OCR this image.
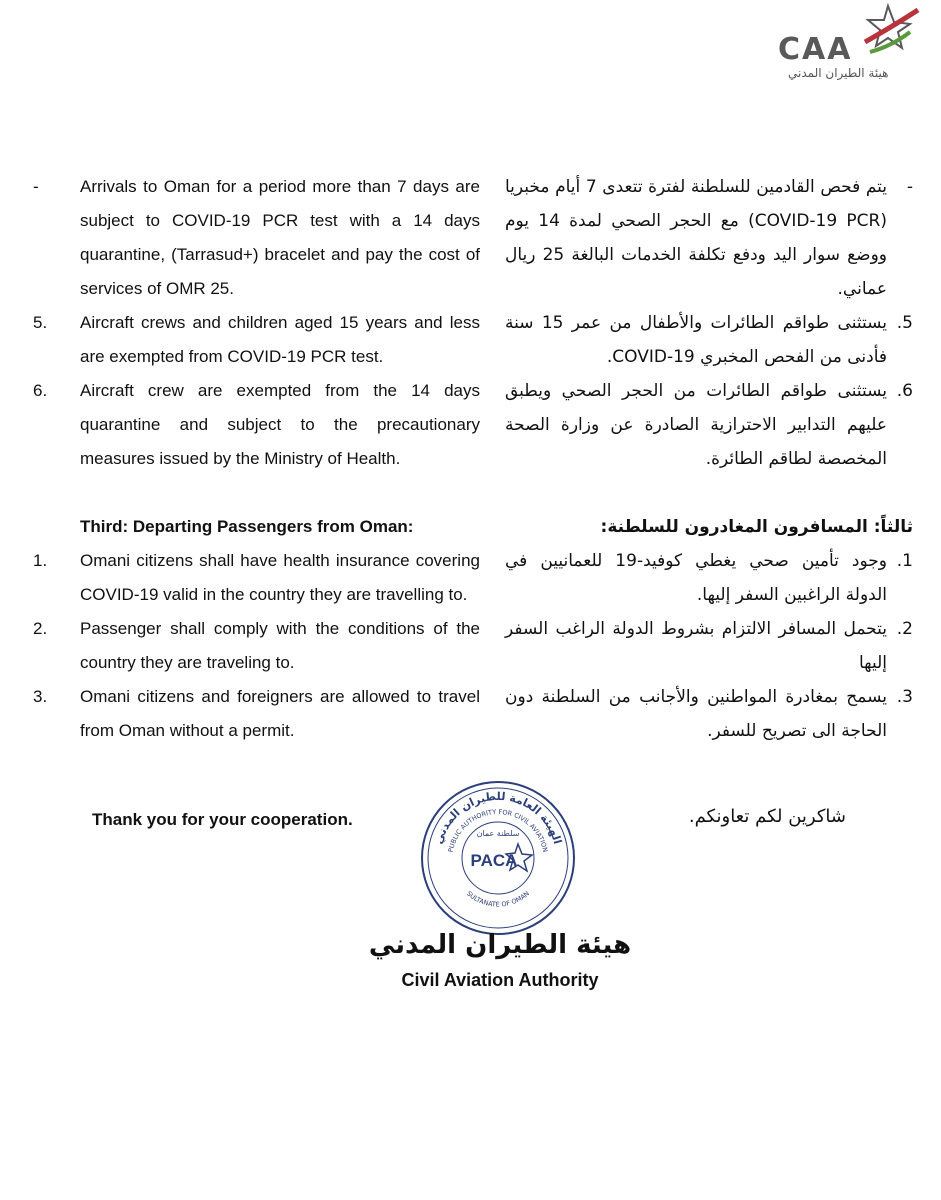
CAA
هيئة الطيران المدني
-	Arrivals to Oman for a period more than 7 days are subject to COVID-19 PCR test with a 14 days quarantine, (Tarrasud+) bracelet and pay the cost of services of OMR 25.
5.	Aircraft crews and children aged 15 years and less are exempted from COVID-19 PCR test.
6.	Aircraft crew are exempted from the 14 days quarantine and subject to the precautionary measures issued by the Ministry of Health.
Third: Departing Passengers from Oman:
1.	Omani citizens shall have health insurance covering COVID-19 valid in the country they are travelling to.
2.	Passenger shall comply with the conditions of the country they are traveling to.
3.	Omani citizens and foreigners are allowed to travel from Oman without a permit.
-
يتم فحص القادمين للسلطنة لفترة تتعدى 7 أيام مخبريا (COVID-19 PCR) مع الحجر الصحي لمدة 14 يوم ووضع سوار اليد ودفع تكلفة الخدمات البالغة 25 ريال عماني.
5.
يستثنى طواقم الطائرات والأطفال من عمر 15 سنة فأدنى من الفحص المخبري COVID-19.
6.
يستثنى طواقم الطائرات من الحجر الصحي ويطبق عليهم التدابير الاحترازية الصادرة عن وزارة الصحة المخصصة لطاقم الطائرة.
ثالثاً: المسافرون المغادرون للسلطنة:
1.
وجود تأمين صحي يغطي كوفيد-19 للعمانيين في الدولة الراغبين السفر إليها.
2.
يتحمل المسافر الالتزام بشروط الدولة الراغب السفر إليها
3.
يسمح بمغادرة المواطنين والأجانب من السلطنة دون الحاجة الى تصريح للسفر.
Thank you for your cooperation.	شاكرين لكم تعاونكم.
الهيئة العامة للطيران المدني
PUBLIC AUTHORITY FOR CIVIL AVIATION
سلطنة عمان
PACA
SULTANATE OF OMAN
هيئة الطيران المدني
Civil Aviation Authority
